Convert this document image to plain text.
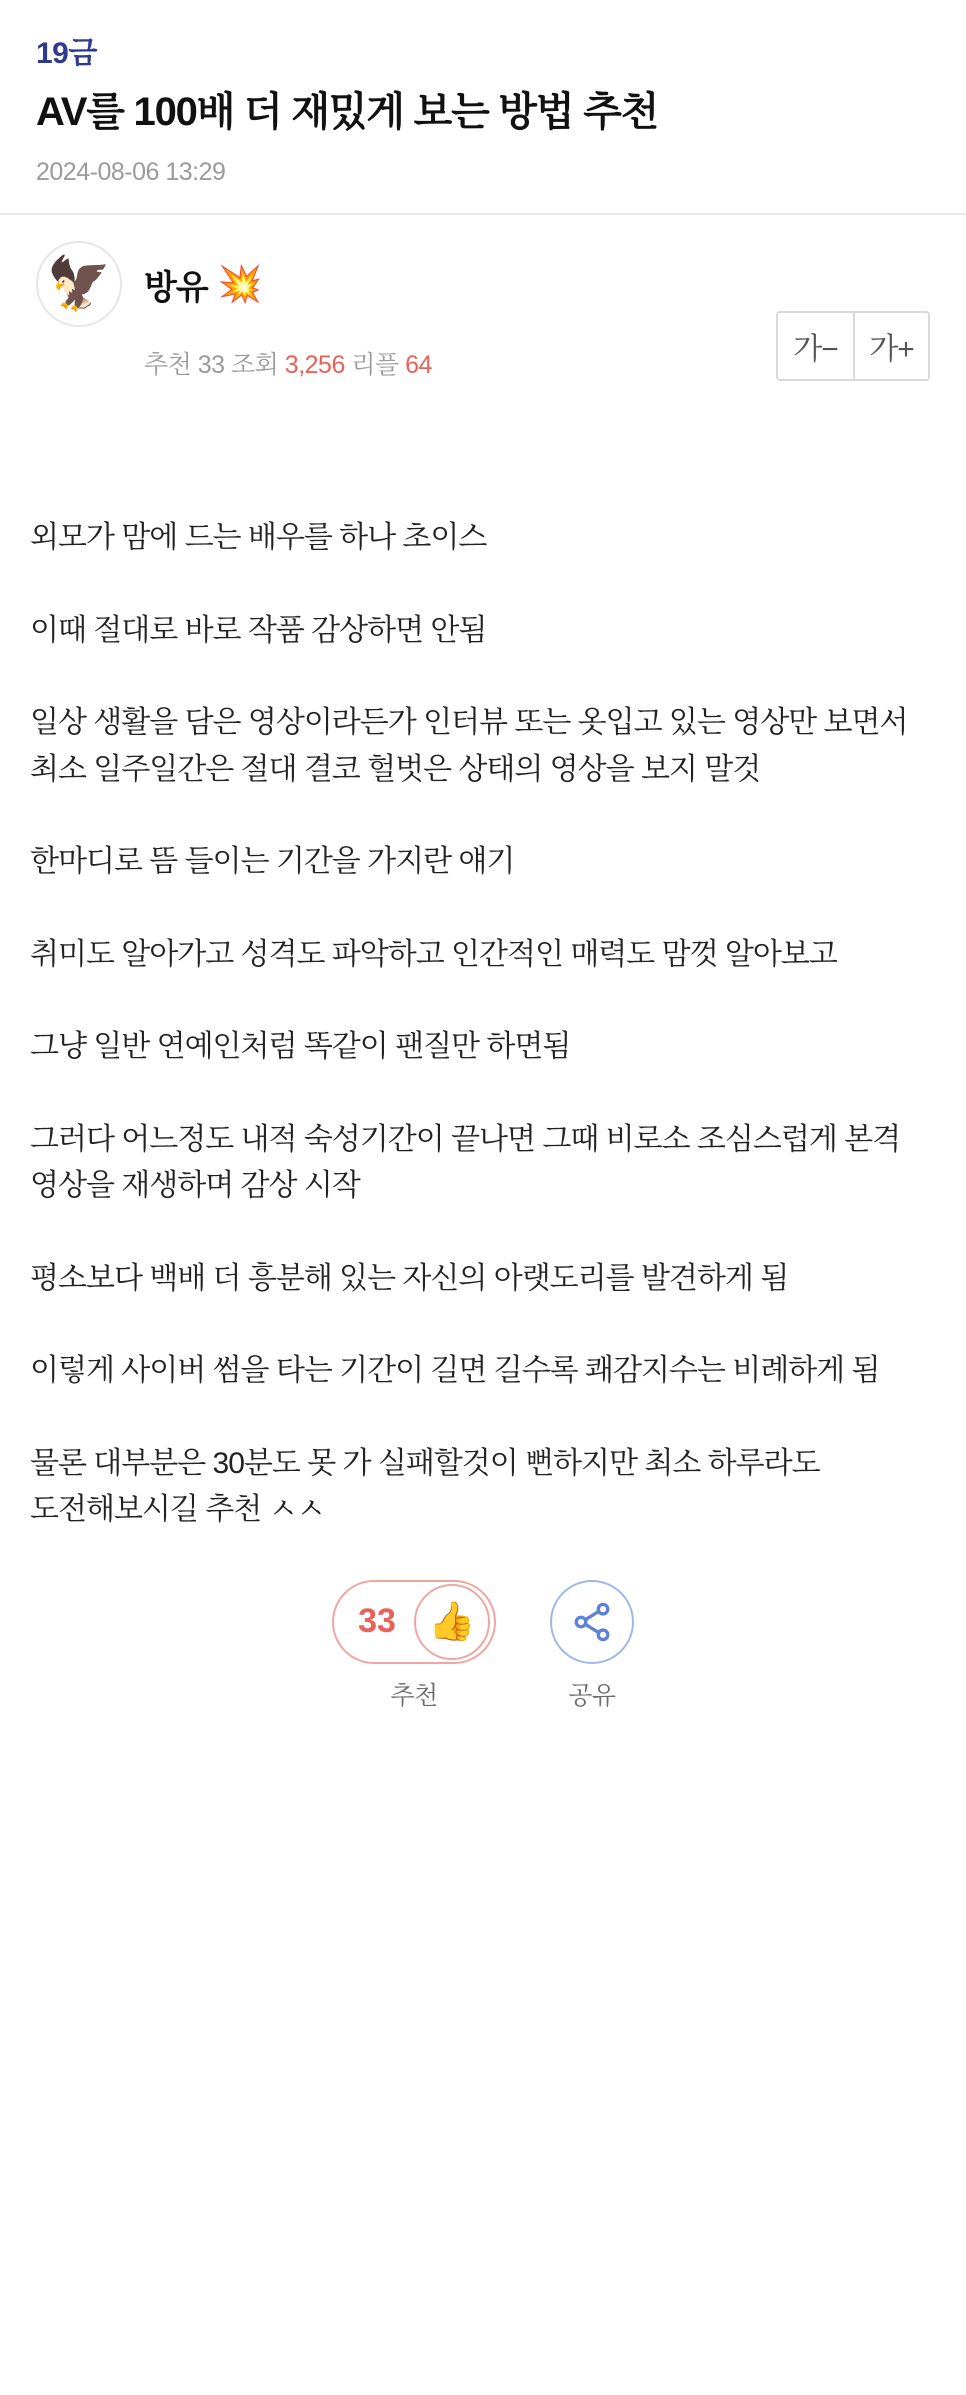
19금
AV를 100배 더 재밌게 보는 방법 추천
2024-08-06 13:29
🦅 방유 💥
추천 33 조회 3,256 리플 64	가−	가+

외모가 맘에 드는 배우를 하나 초이스

이때 절대로 바로 작품 감상하면 안됨

일상 생활을 담은 영상이라든가 인터뷰 또는 옷입고 있는 영상만 보면서 최소 일주일간은 절대 결코 헐벗은 상태의 영상을 보지 말것

한마디로 뜸 들이는 기간을 가지란 얘기

취미도 알아가고 성격도 파악하고 인간적인 매력도 맘껏 알아보고

그냥 일반 연예인처럼 똑같이 팬질만 하면됨

그러다 어느정도 내적 숙성기간이 끝나면 그때 비로소 조심스럽게 본격 영상을 재생하며 감상 시작

평소보다 백배 더 흥분해 있는 자신의 아랫도리를 발견하게 됨

이렇게 사이버 썸을 타는 기간이 길면 길수록 쾌감지수는 비례하게 됨

물론 대부분은 30분도 못 가 실패할것이 뻔하지만 최소 하루라도 도전해보시길 추천 ㅅㅅ

33 👍
추천	공유
